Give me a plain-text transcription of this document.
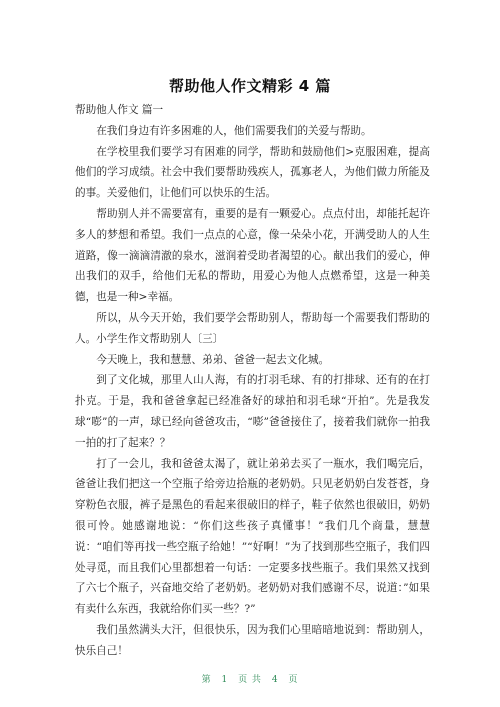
帮助他人作文精彩 4 篇

帮助他人作文 篇一

在我们身边有许多困难的人，他们需要我们的关爱与帮助。

在学校里我们要学习有困难的同学，帮助和鼓励他们>克服困难，提高他们的学习成绩。社会中我们要帮助残疾人，孤寡老人，为他们做力所能及的事。关爱他们，让他们可以快乐的生活。

帮助别人并不需要富有，重要的是有一颗爱心。点点付出，却能托起许多人的梦想和希望。我们一点点的心意，像一朵朵小花，开满受助人的人生道路，像一滴滴清澈的泉水，滋润着受助者渴望的心。献出我们的爱心，伸出我们的双手，给他们无私的帮助，用爱心为他人点燃希望，这是一种美德，也是一种>幸福。

所以，从今天开始，我们要学会帮助别人，帮助每一个需要我们帮助的人。小学生作文帮助别人〔三〕

今天晚上，我和慧慧、弟弟、爸爸一起去文化城。

到了文化城，那里人山人海，有的打羽毛球、有的打排球、还有的在打扑克。于是，我和爸爸拿起已经准备好的球拍和羽毛球“开拍”。先是我发球“嘭”的一声，球已经向爸爸攻击，“嘭”爸爸接住了，接着我们就你一拍我一拍的打了起来？？

打了一会儿，我和爸爸太渴了，就让弟弟去买了一瓶水，我们喝完后，爸爸让我们把这一个空瓶子给旁边拾瓶的老奶奶。只见老奶奶白发苍苍，身穿粉色衣服，裤子是黑色的看起来很破旧的样子，鞋子依然也很破旧，奶奶很可怜。她感谢地说：“你们这些孩子真懂事！”我们几个商量，慧慧说：“咱们等再找一些空瓶子给她！”“好啊！”为了找到那些空瓶子，我们四处寻觅，而且我们心里都想着一句话：一定要多找些瓶子。我们果然又找到了六七个瓶子，兴奋地交给了老奶奶。老奶奶对我们感谢不尽，说道：”如果有卖什么东西，我就给你们买一些？?”

我们虽然满头大汗，但很快乐，因为我们心里暗暗地说到：帮助别人，快乐自己！

第 1 页 共 4 页
